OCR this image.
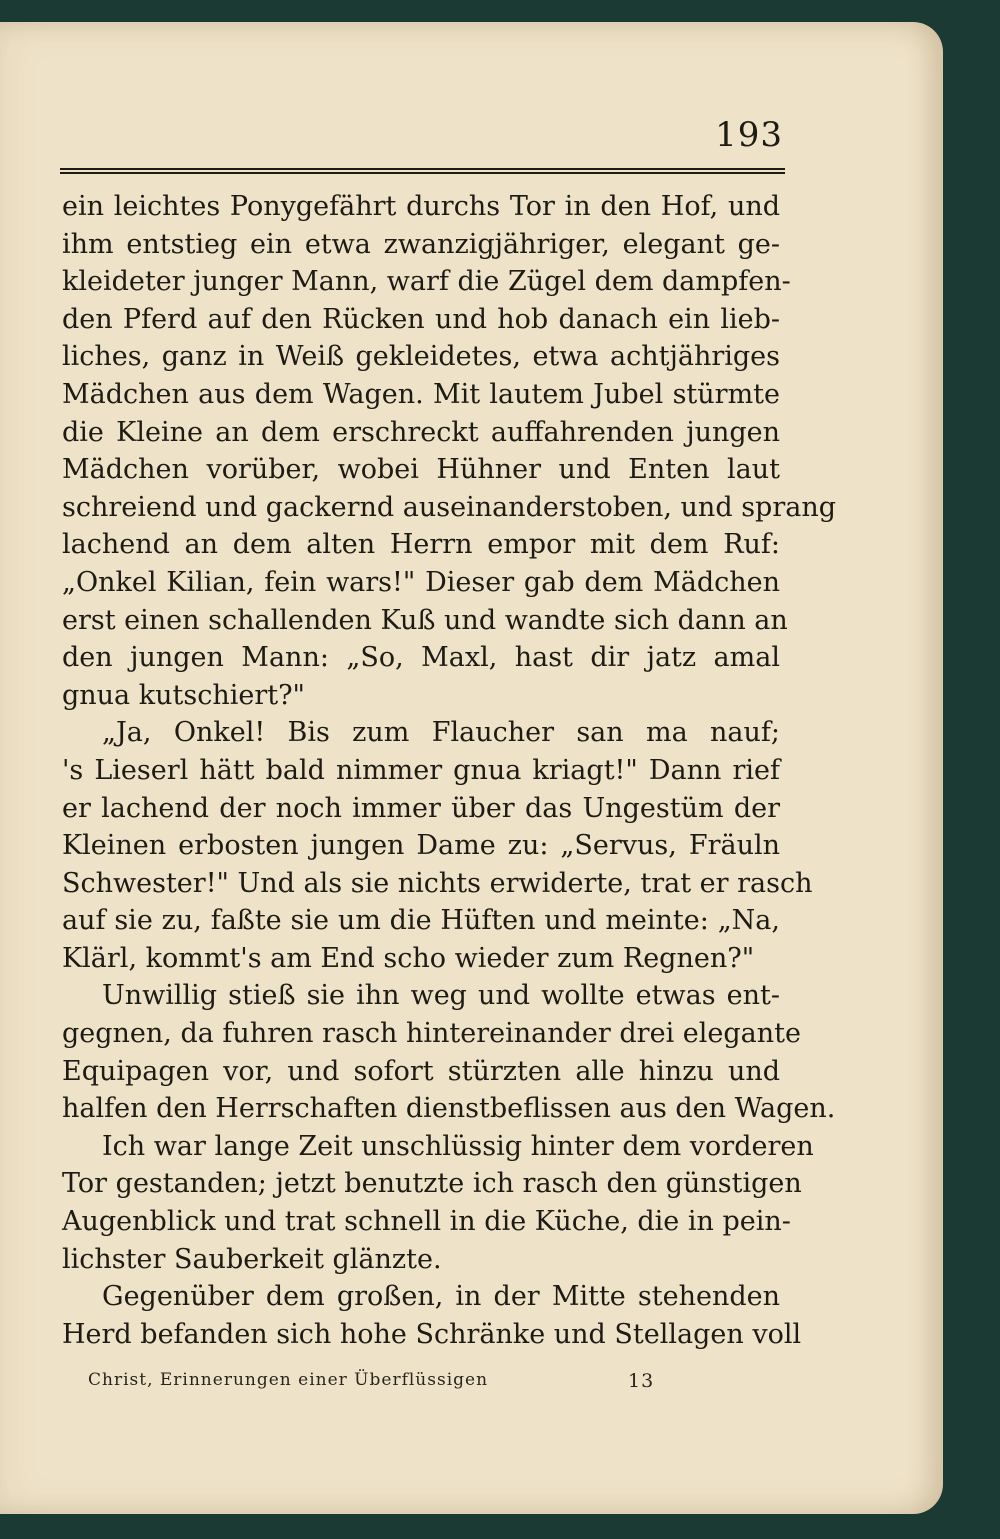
193
ein leichtes Ponygefährt durchs Tor in den Hof, und
ihm entstieg ein etwa zwanzigjähriger, elegant ge-
kleideter junger Mann, warf die Zügel dem dampfen-
den Pferd auf den Rücken und hob danach ein lieb-
liches, ganz in Weiß gekleidetes, etwa achtjähriges
Mädchen aus dem Wagen. Mit lautem Jubel stürmte
die Kleine an dem erschreckt auffahrenden jungen
Mädchen vorüber, wobei Hühner und Enten laut
schreiend und gackernd auseinanderstoben, und sprang
lachend an dem alten Herrn empor mit dem Ruf:
„Onkel Kilian, fein wars!" Dieser gab dem Mädchen
erst einen schallenden Kuß und wandte sich dann an
den jungen Mann: „So, Maxl, hast dir jatz amal
gnua kutschiert?"
„Ja, Onkel! Bis zum Flaucher san ma nauf;
's Lieserl hätt bald nimmer gnua kriagt!" Dann rief
er lachend der noch immer über das Ungestüm der
Kleinen erbosten jungen Dame zu: „Servus, Fräuln
Schwester!" Und als sie nichts erwiderte, trat er rasch
auf sie zu, faßte sie um die Hüften und meinte: „Na,
Klärl, kommt's am End scho wieder zum Regnen?"
Unwillig stieß sie ihn weg und wollte etwas ent-
gegnen, da fuhren rasch hintereinander drei elegante
Equipagen vor, und sofort stürzten alle hinzu und
halfen den Herrschaften dienstbeflissen aus den Wagen.
Ich war lange Zeit unschlüssig hinter dem vorderen
Tor gestanden; jetzt benutzte ich rasch den günstigen
Augenblick und trat schnell in die Küche, die in pein-
lichster Sauberkeit glänzte.
Gegenüber dem großen, in der Mitte stehenden
Herd befanden sich hohe Schränke und Stellagen voll
Christ, Erinnerungen einer Überflüssigen	13
